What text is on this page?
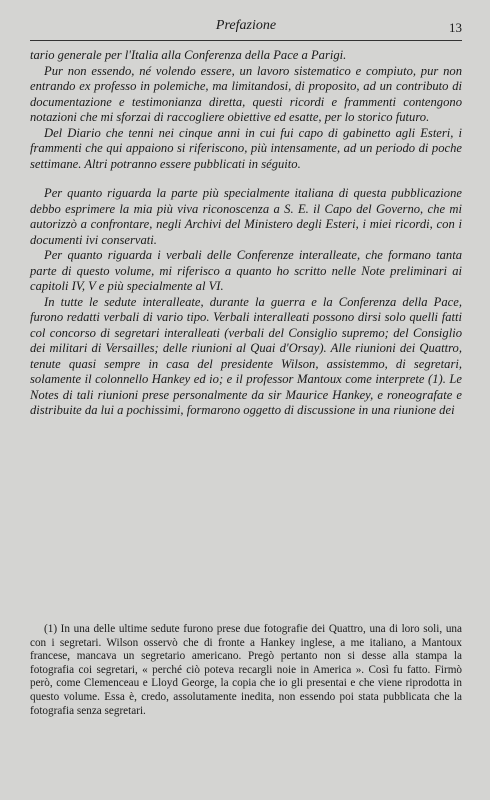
Prefazione	13

tario generale per l'Italia alla Conferenza della Pace a Parigi.

Pur non essendo, né volendo essere, un lavoro sistematico e compiuto, pur non entrando ex professo in polemiche, ma limitandosi, di proposito, ad un contributo di documentazione e testimonianza diretta, questi ricordi e frammenti contengono notazioni che mi sforzai di raccogliere obiettive ed esatte, per lo storico futuro.

Del Diario che tenni nei cinque anni in cui fui capo di gabinetto agli Esteri, i frammenti che qui appaiono si riferiscono, più intensamente, ad un periodo di poche settimane. Altri potranno essere pubblicati in séguito.

Per quanto riguarda la parte più specialmente italiana di questa pubblicazione debbo esprimere la mia più viva riconoscenza a S. E. il Capo del Governo, che mi autorizzò a confrontare, negli Archivi del Ministero degli Esteri, i miei ricordi, con i documenti ivi conservati.

Per quanto riguarda i verbali delle Conferenze interalleate, che formano tanta parte di questo volume, mi riferisco a quanto ho scritto nelle Note preliminari ai capitoli IV, V e più specialmente al VI.

In tutte le sedute interalleate, durante la guerra e la Conferenza della Pace, furono redatti verbali di vario tipo. Verbali interalleati possono dirsi solo quelli fatti col concorso di segretari interalleati (verbali del Consiglio supremo; del Consiglio dei militari di Versailles; delle riunioni al Quai d'Orsay). Alle riunioni dei Quattro, tenute quasi sempre in casa del presidente Wilson, assistemmo, di segretari, solamente il colonnello Hankey ed io; e il professor Mantoux come interprete (1). Le Notes di tali riunioni prese personalmente da sir Maurice Hankey, e roneografate e distribuite da lui a pochissimi, formarono oggetto di discussione in una riunione dei

(1) In una delle ultime sedute furono prese due fotografie dei Quattro, una di loro soli, una con i segretari. Wilson osservò che di fronte a Hankey inglese, a me italiano, a Mantoux francese, mancava un segretario americano. Pregò pertanto non si desse alla stampa la fotografia coi segretari, « perché ciò poteva recargli noie in America ». Così fu fatto. Firmò però, come Clemenceau e Lloyd George, la copia che io gli presentai e che viene riprodotta in questo volume. Essa è, credo, assolutamente inedita, non essendo poi stata pubblicata che la fotografia senza segretari.
